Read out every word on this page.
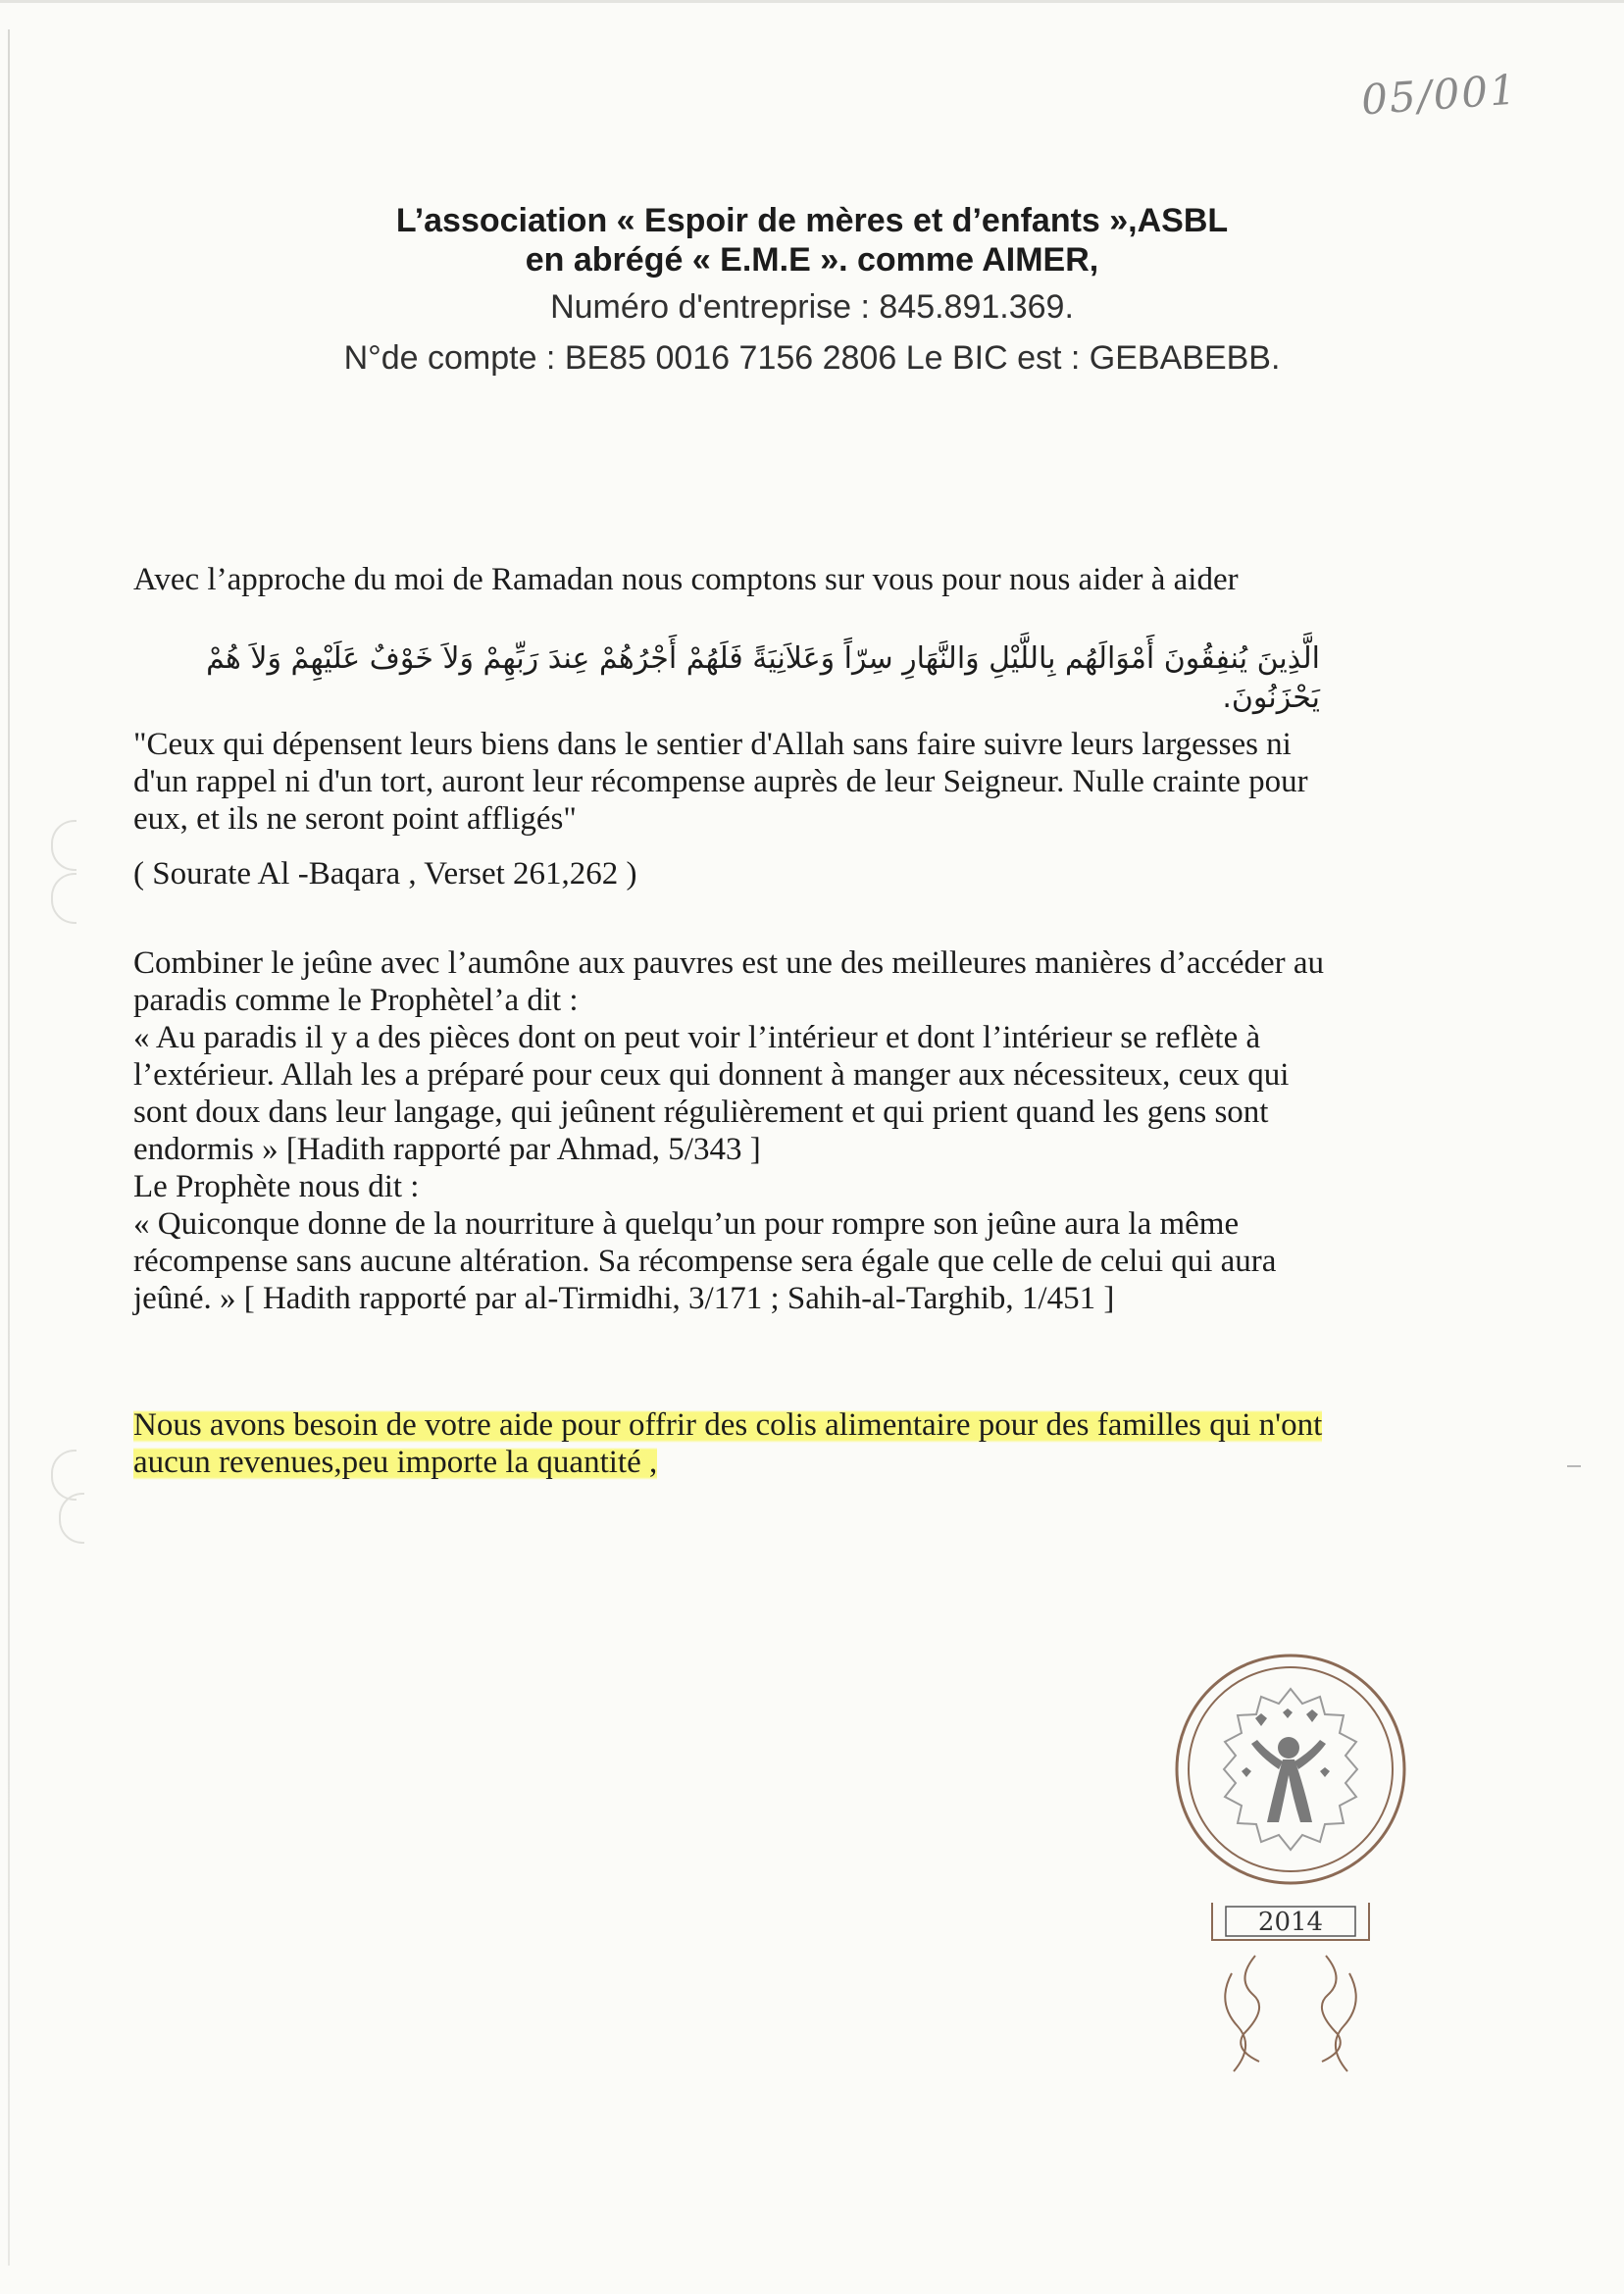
05/001
L’association « Espoir de mères et d’enfants »,ASBL
en abrégé « E.M.E ». comme AIMER,
Numéro d'entreprise : 845.891.369.
N°de compte : BE85 0016 7156 2806 Le BIC est : GEBABEBB.
Avec l’approche du moi de Ramadan nous comptons sur vous pour nous aider à aider
الَّذِينَ يُنفِقُونَ أَمْوَالَهُم بِاللَّيْلِ وَالنَّهَارِ سِرّاً وَعَلاَنِيَةً فَلَهُمْ أَجْرُهُمْ عِندَ رَبِّهِمْ وَلاَ خَوْفٌ عَلَيْهِمْ وَلاَ هُمْ يَحْزَنُونَ.
"Ceux qui dépensent leurs biens dans le sentier d'Allah sans faire suivre leurs largesses ni
d'un rappel ni d'un tort, auront leur récompense auprès de leur Seigneur. Nulle crainte pour
eux, et ils ne seront point affligés"
( Sourate Al -Baqara , Verset 261,262 )
Combiner le jeûne avec l’aumône aux pauvres est une des meilleures manières d’accéder au
paradis comme le Prophètel’a dit :
« Au paradis il y a des pièces dont on peut voir l’intérieur et dont l’intérieur se reflète à
l’extérieur. Allah les a préparé pour ceux qui donnent à manger aux nécessiteux, ceux qui
sont doux dans leur langage, qui jeûnent régulièrement et qui prient quand les gens sont
endormis » [Hadith rapporté par Ahmad, 5/343 ]
Le Prophète nous dit :
« Quiconque donne de la nourriture à quelqu’un pour rompre son jeûne aura la même
récompense sans aucune altération. Sa récompense sera égale que celle de celui qui aura
jeûné. » [ Hadith rapporté par al-Tirmidhi, 3/171 ; Sahih-al-Targhib, 1/451 ]
Nous avons besoin de votre aide pour offrir des colis alimentaire pour des familles qui n'ont
aucun revenues,peu importe la quantité ,
2014
